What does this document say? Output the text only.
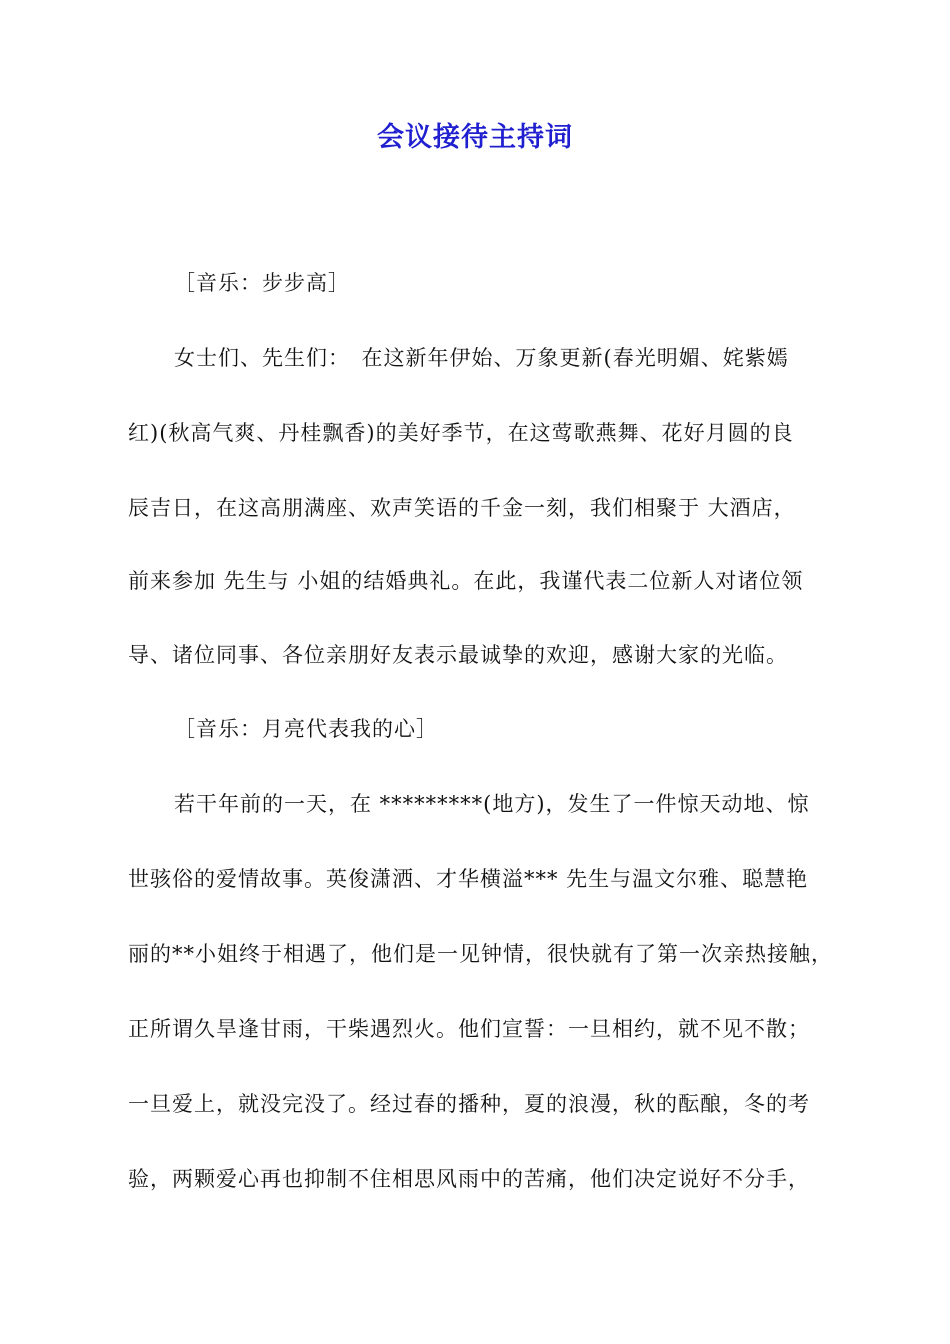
会议接待主持词
［音乐：步步高］
女士们、先生们：　在这新年伊始、万象更新(春光明媚、姹紫嫣
红)(秋高气爽、丹桂飘香)的美好季节，在这莺歌燕舞、花好月圆的良
辰吉日，在这高朋满座、欢声笑语的千金一刻，我们相聚于 大酒店，
前来参加 先生与 小姐的结婚典礼。在此，我谨代表二位新人对诸位领
导、诸位同事、各位亲朋好友表示最诚挚的欢迎，感谢大家的光临。
［音乐：月亮代表我的心］
若干年前的一天，在 *********(地方)，发生了一件惊天动地、惊
世骇俗的爱情故事。英俊潇洒、才华横溢*** 先生与温文尔雅、聪慧艳
丽的**小姐终于相遇了，他们是一见钟情，很快就有了第一次亲热接触，
正所谓久旱逢甘雨，干柴遇烈火。他们宣誓：一旦相约，就不见不散；
一旦爱上，就没完没了。经过春的播种，夏的浪漫，秋的酝酿，冬的考
验，两颗爱心再也抑制不住相思风雨中的苦痛，他们决定说好不分手，
